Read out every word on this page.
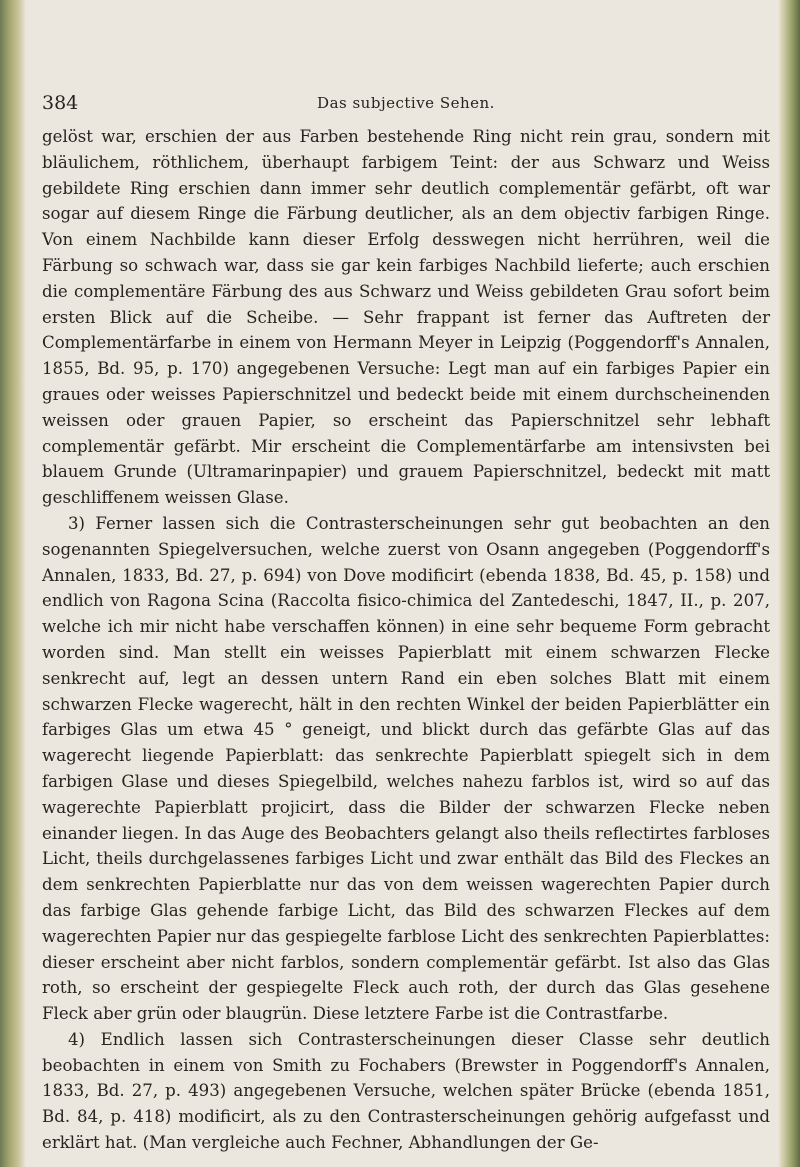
384	Das subjective Sehen.

gelöst war, erschien der aus Farben bestehende Ring nicht rein grau, sondern mit bläulichem, röthlichem, überhaupt farbigem Teint: der aus Schwarz und Weiss gebildete Ring erschien dann immer sehr deutlich complementär gefärbt, oft war sogar auf diesem Ringe die Färbung deutlicher, als an dem objectiv farbigen Ringe. Von einem Nachbilde kann dieser Erfolg desswegen nicht herrühren, weil die Färbung so schwach war, dass sie gar kein farbiges Nachbild lieferte; auch erschien die complementäre Färbung des aus Schwarz und Weiss gebildeten Grau sofort beim ersten Blick auf die Scheibe. — Sehr frappant ist ferner das Auftreten der Complementärfarbe in einem von Hermann Meyer in Leipzig (Poggendorff's Annalen, 1855, Bd. 95, p. 170) angegebenen Versuche: Legt man auf ein farbiges Papier ein graues oder weisses Papierschnitzel und bedeckt beide mit einem durchscheinenden weissen oder grauen Papier, so erscheint das Papierschnitzel sehr lebhaft complementär gefärbt. Mir erscheint die Complementärfarbe am intensivsten bei blauem Grunde (Ultramarinpapier) und grauem Papierschnitzel, bedeckt mit matt geschliffenem weissen Glase.

3) Ferner lassen sich die Contrasterscheinungen sehr gut beobachten an den sogenannten Spiegelversuchen, welche zuerst von Osann angegeben (Poggendorff's Annalen, 1833, Bd. 27, p. 694) von Dove modificirt (ebenda 1838, Bd. 45, p. 158) und endlich von Ragona Scina (Raccolta fisico-chimica del Zantedeschi, 1847, II., p. 207, welche ich mir nicht habe verschaffen können) in eine sehr bequeme Form gebracht worden sind. Man stellt ein weisses Papierblatt mit einem schwarzen Flecke senkrecht auf, legt an dessen untern Rand ein eben solches Blatt mit einem schwarzen Flecke wagerecht, hält in den rechten Winkel der beiden Papierblätter ein farbiges Glas um etwa 45 ° geneigt, und blickt durch das gefärbte Glas auf das wagerecht liegende Papierblatt: das senkrechte Papierblatt spiegelt sich in dem farbigen Glase und dieses Spiegelbild, welches nahezu farblos ist, wird so auf das wagerechte Papierblatt projicirt, dass die Bilder der schwarzen Flecke neben einander liegen. In das Auge des Beobachters gelangt also theils reflectirtes farbloses Licht, theils durchgelassenes farbiges Licht und zwar enthält das Bild des Fleckes an dem senkrechten Papierblatte nur das von dem weissen wagerechten Papier durch das farbige Glas gehende farbige Licht, das Bild des schwarzen Fleckes auf dem wagerechten Papier nur das gespiegelte farblose Licht des senkrechten Papierblattes: dieser erscheint aber nicht farblos, sondern complementär gefärbt. Ist also das Glas roth, so erscheint der gespiegelte Fleck auch roth, der durch das Glas gesehene Fleck aber grün oder blaugrün. Diese letztere Farbe ist die Contrastfarbe.

4) Endlich lassen sich Contrasterscheinungen dieser Classe sehr deutlich beobachten in einem von Smith zu Fochabers (Brewster in Poggendorff's Annalen, 1833, Bd. 27, p. 493) angegebenen Versuche, welchen später Brücke (ebenda 1851, Bd. 84, p. 418) modificirt, als zu den Contrasterscheinungen gehörig aufgefasst und erklärt hat. (Man vergleiche auch Fechner, Abhandlungen der Ge-
